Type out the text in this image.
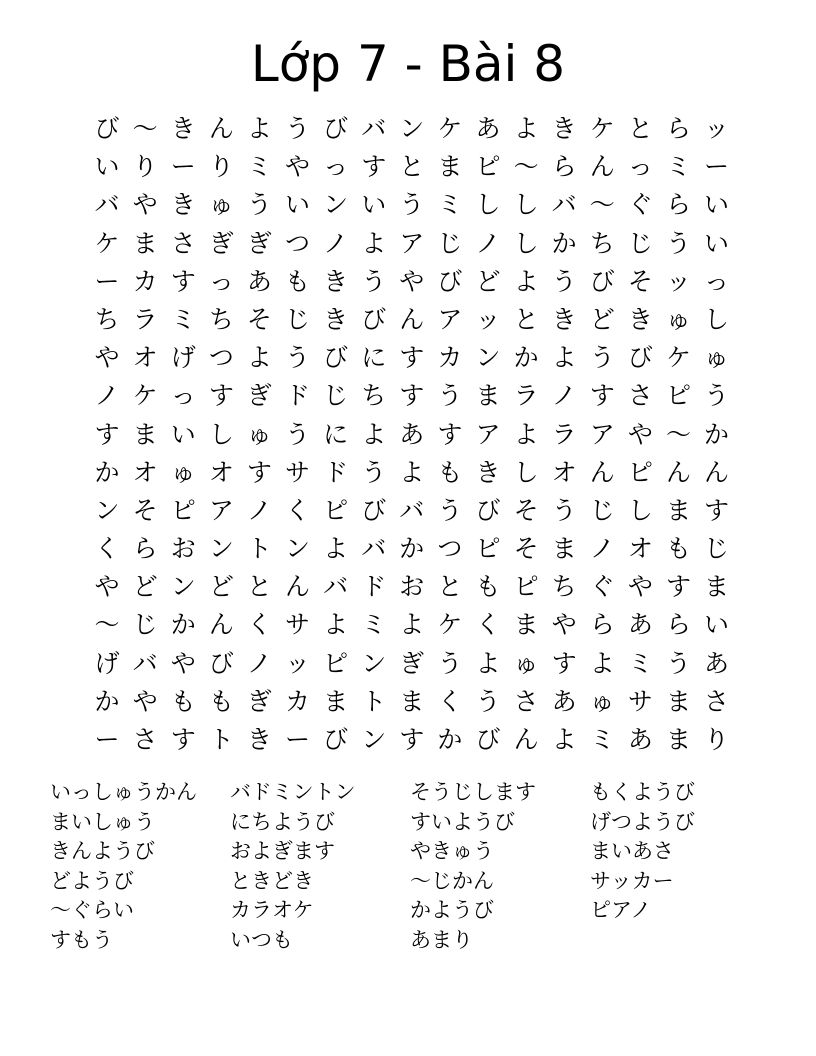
Lớp 7 - Bài 8
び 〜 き ん よ う び バ ン ケ あ よ き ケ と ら ッ
い り ー り ミ や っ す と ま ピ 〜 ら ん っ ミ ー
バ や き ゅ う い ン い う ミ し し バ 〜 ぐ ら い
ケ ま さ ぎ ぎ つ ノ よ ア じ ノ し か ち じ う い
ー カ す っ あ も き う や び ど よ う び そ ッ っ
ち ラ ミ ち そ じ き び ん ア ッ と き ど き ゅ し
や オ げ つ よ う び に す カ ン か よ う び ケ ゅ
ノ ケ っ す ぎ ド じ ち す う ま ラ ノ す さ ピ う
す ま い し ゅ う に よ あ す ア よ ラ ア や 〜 か
か オ ゅ オ す サ ド う よ も き し オ ん ピ ん ん
ン そ ピ ア ノ く ピ び バ う び そ う じ し ま す
く ら お ン ト ン よ バ か つ ピ そ ま ノ オ も じ
や ど ン ど と ん バ ド お と も ピ ち ぐ や す ま
〜 じ か ん く サ よ ミ よ ケ く ま や ら あ ら い
げ バ や び ノ ッ ピ ン ぎ う よ ゅ す よ ミ う あ
か や も も ぎ カ ま ト ま く う さ あ ゅ サ ま さ
ー さ す ト き ー び ン す か び ん よ ミ あ ま り
いっしゅうかん
まいしゅう
きんようび
どようび
〜ぐらい
すもう
バドミントン
にちようび
およぎます
ときどき
カラオケ
いつも
そうじします
すいようび
やきゅう
〜じかん
かようび
あまり
もくようび
げつようび
まいあさ
サッカー
ピアノ
